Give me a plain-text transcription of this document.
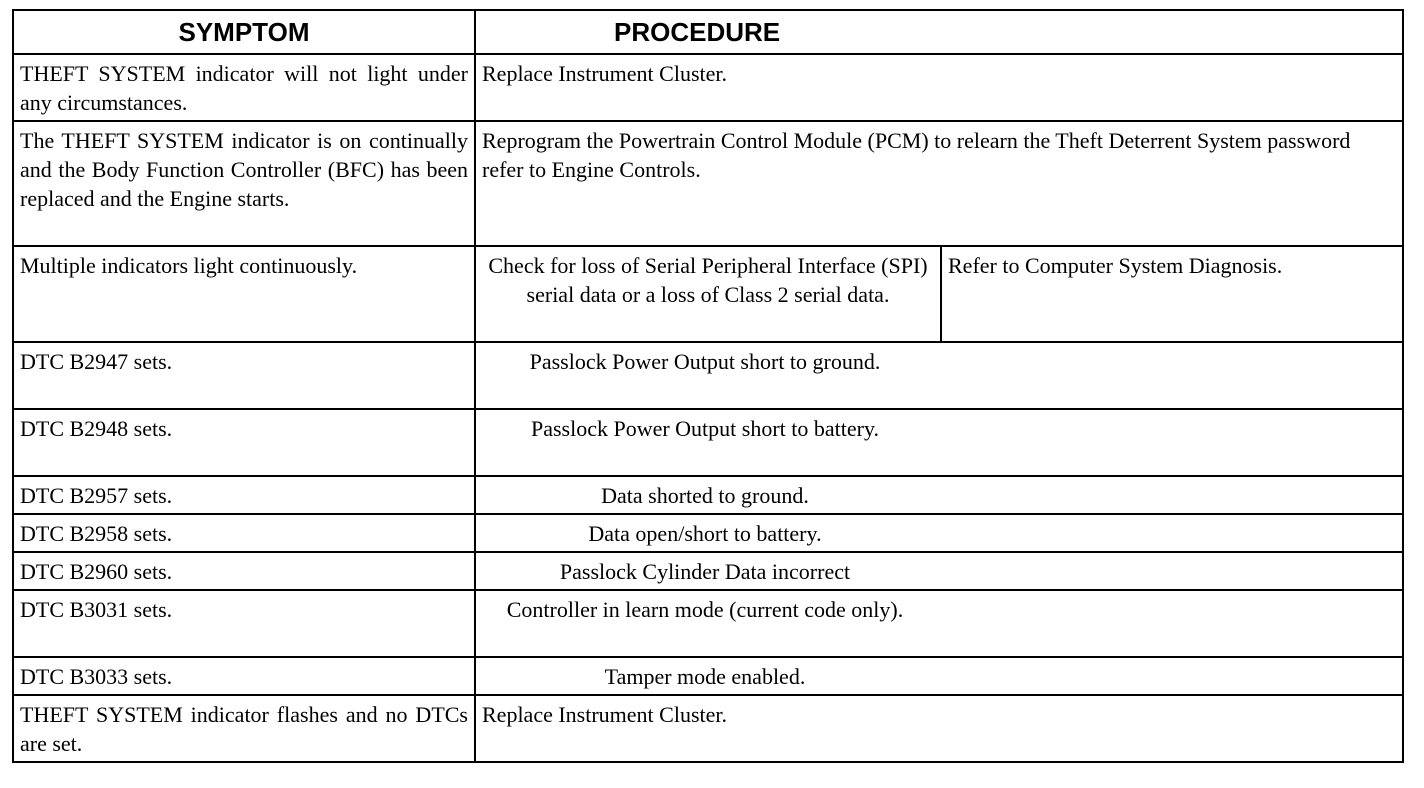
SYMPTOM	PROCEDURE	
THEFT SYSTEM indicator will not light under any circumstances.	Replace Instrument Cluster.	
The THEFT SYSTEM indicator is on continually and the Body Function Controller (BFC) has been replaced and the Engine starts.	Reprogram the Powertrain Control Module (PCM) to relearn the Theft Deterrent System password refer to Engine Controls.	
Multiple indicators light continuously.	Check for loss of Serial Peripheral Interface (SPI) serial data or a loss of Class 2 serial data.	Refer to Computer System Diagnosis.
DTC B2947 sets.	Passlock Power Output short to ground.	

DTC B2948 sets.	Passlock Power Output short to battery.	

DTC B2957 sets.	Data shorted to ground.	

DTC B2958 sets.	Data open/short to battery.	

DTC B2960 sets.	Passlock Cylinder Data incorrect	

DTC B3031 sets.	Controller in learn mode (current code only).	

DTC B3033 sets.	Tamper mode enabled.	

THEFT SYSTEM indicator flashes and no DTCs are set.	Replace Instrument Cluster.	
